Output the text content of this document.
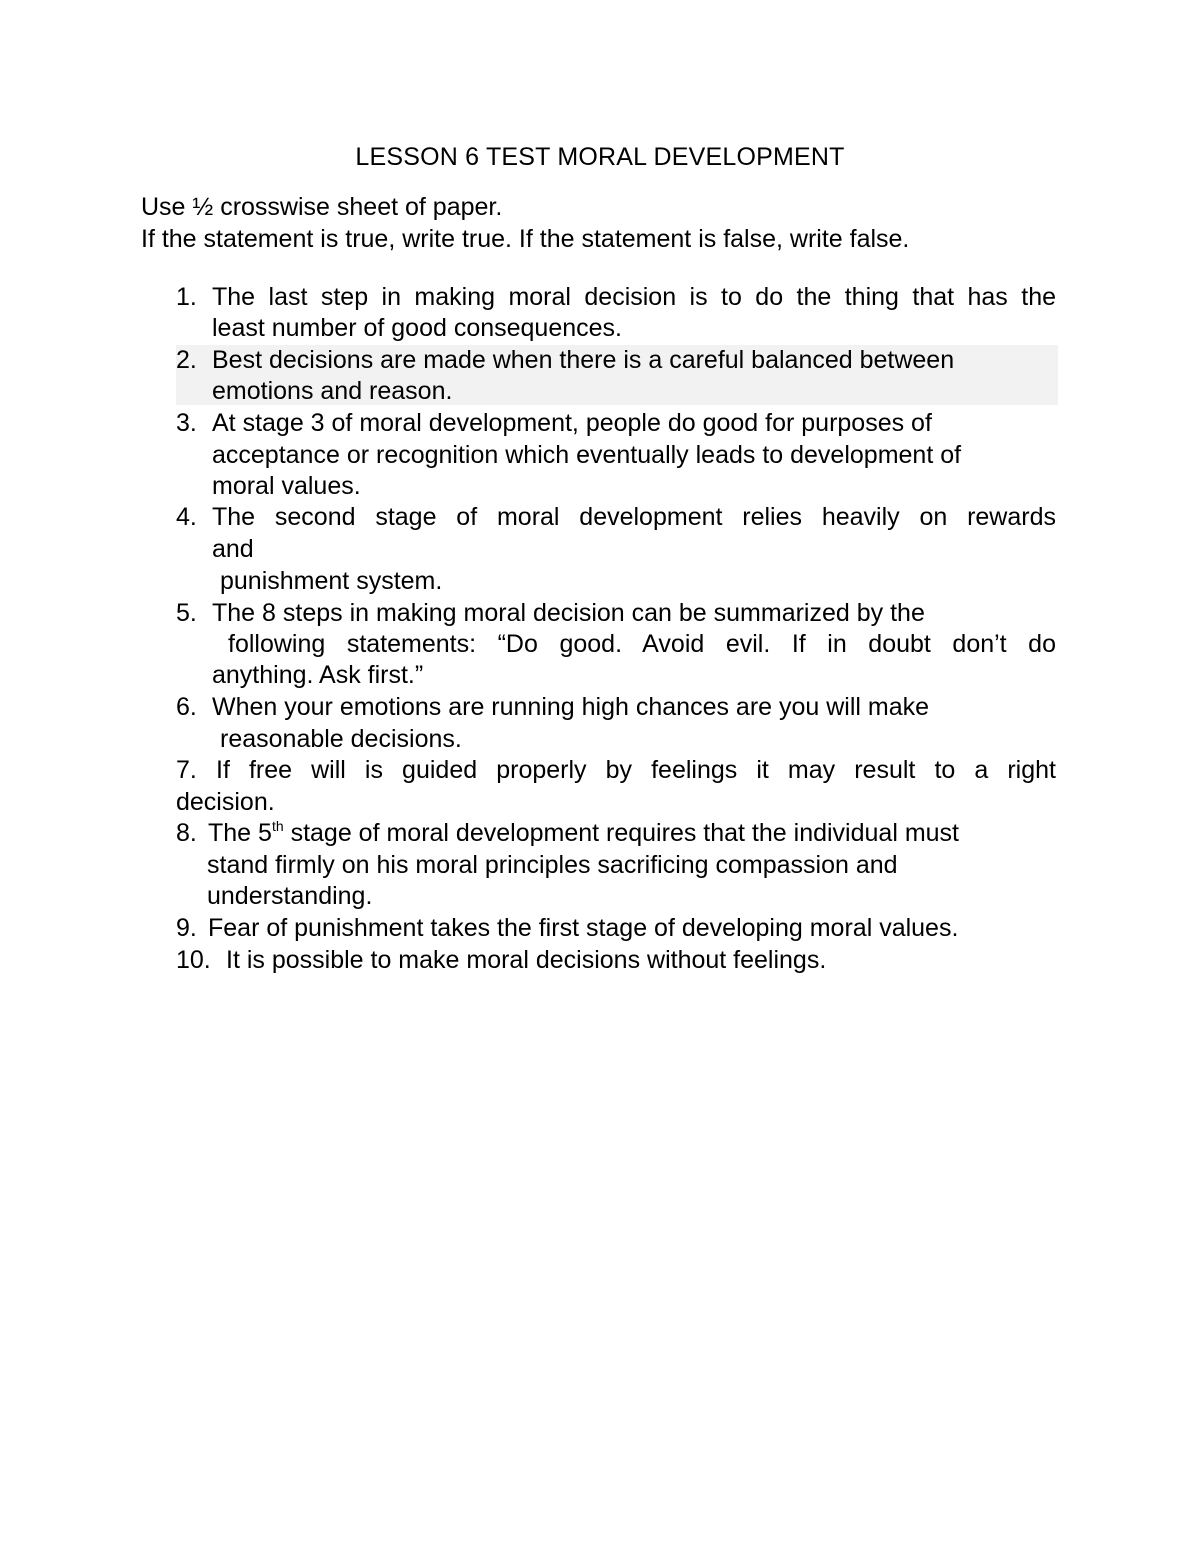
LESSON 6 TEST MORAL DEVELOPMENT
Use ½ crosswise sheet of paper.
If the statement is true, write true. If the statement is false, write false.
1. The last step in making moral decision is to do the thing that has the
least number of good consequences.
2. Best decisions are made when there is a careful balanced between
emotions and reason.
3. At stage 3 of moral development, people do good for purposes of
acceptance or recognition which eventually leads to development of
moral values.
4. The second stage of moral development relies heavily on rewards
and
punishment system.
5. The 8 steps in making moral decision can be summarized by the
following statements: “Do good. Avoid evil. If in doubt don’t do
anything. Ask first.”
6. When your emotions are running high chances are you will make
reasonable decisions.
7. If free will is guided properly by feelings it may result to a right
decision.
8. The 5th stage of moral development requires that the individual must
stand firmly on his moral principles sacrificing compassion and
understanding.
9. Fear of punishment takes the first stage of developing moral values.
10. It is possible to make moral decisions without feelings.
